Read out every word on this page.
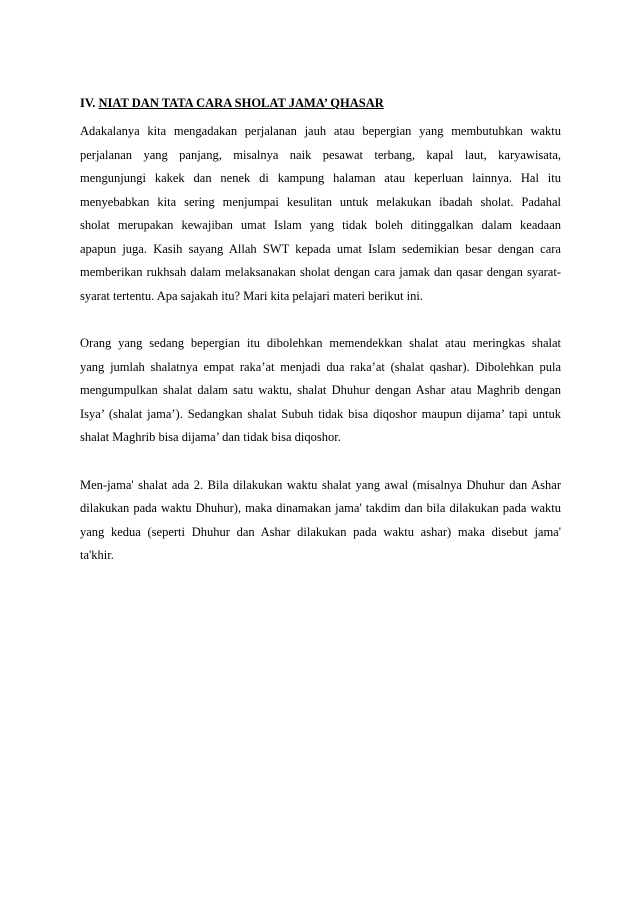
IV. NIAT DAN TATA CARA SHOLAT JAMA’ QHASAR
Adakalanya kita mengadakan perjalanan jauh atau bepergian yang membutuhkan waktu
perjalanan yang panjang, misalnya naik pesawat terbang, kapal laut, karyawisata,
mengunjungi kakek dan nenek di kampung halaman atau keperluan lainnya. Hal itu
menyebabkan kita sering menjumpai kesulitan untuk melakukan ibadah sholat. Padahal
sholat merupakan kewajiban umat Islam yang tidak boleh ditinggalkan dalam keadaan
apapun juga. Kasih sayang Allah SWT kepada umat Islam sedemikian besar dengan cara
memberikan rukhsah dalam melaksanakan sholat dengan cara jamak dan qasar dengan syarat-
syarat tertentu. Apa sajakah itu? Mari kita pelajari materi berikut ini.
Orang yang sedang bepergian itu dibolehkan memendekkan shalat atau meringkas shalat
yang jumlah shalatnya empat raka’at menjadi dua raka’at (shalat qashar). Dibolehkan pula
mengumpulkan shalat dalam satu waktu, shalat Dhuhur dengan Ashar atau Maghrib dengan
Isya’ (shalat jama’). Sedangkan shalat Subuh tidak bisa diqoshor maupun dijama’ tapi untuk
shalat Maghrib bisa dijama’ dan tidak bisa diqoshor.
Men-jama' shalat ada 2. Bila dilakukan waktu shalat yang awal (misalnya Dhuhur dan Ashar
dilakukan pada waktu Dhuhur), maka dinamakan jama' takdim dan bila dilakukan pada waktu
yang kedua (seperti Dhuhur dan Ashar dilakukan pada waktu ashar) maka disebut jama'
ta'khir.
